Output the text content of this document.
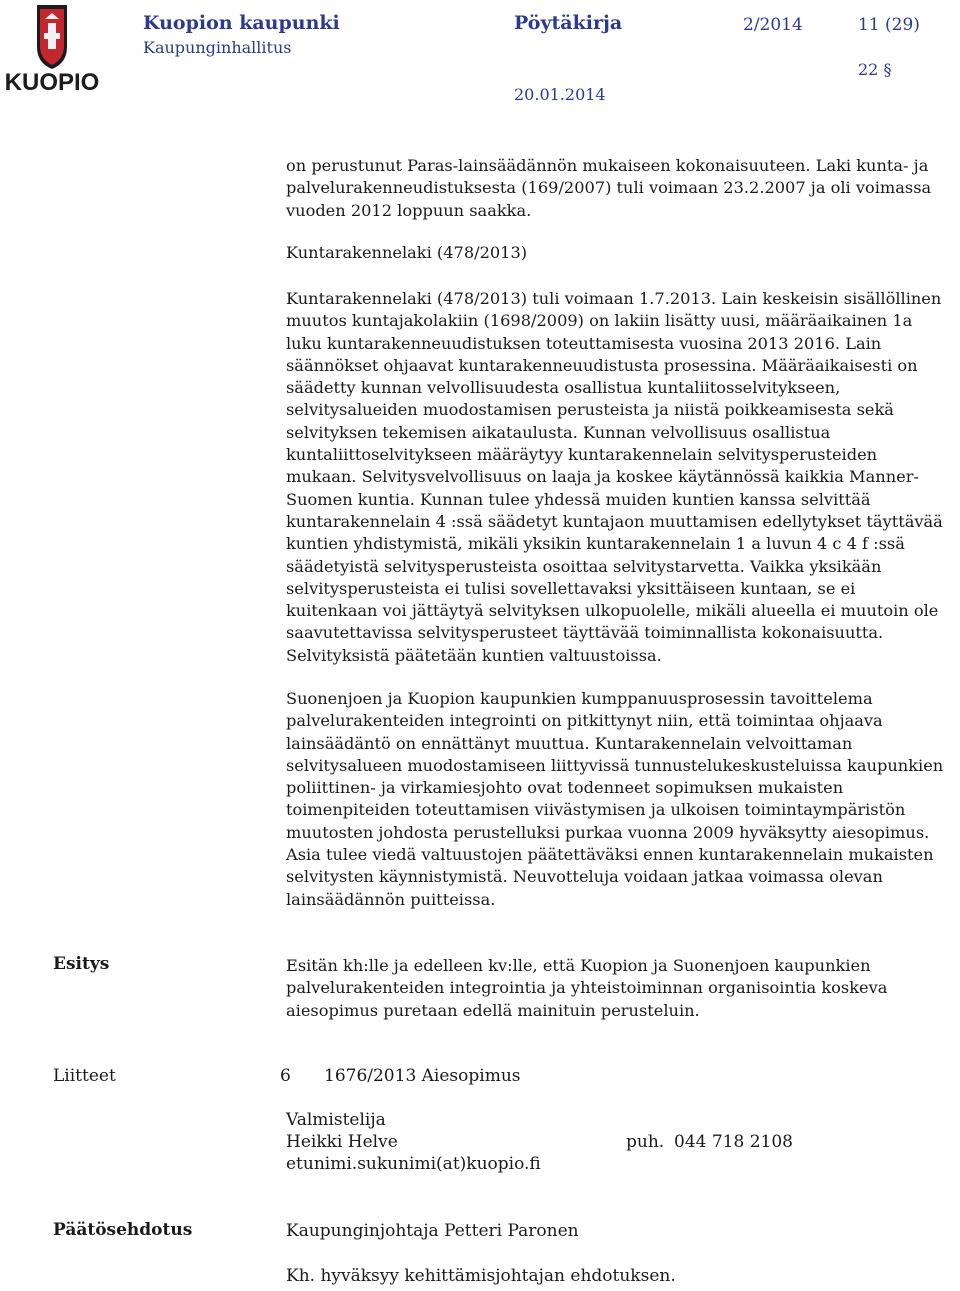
KUOPIO
Kuopion kaupunki
Kaupunginhallitus
Pöytäkirja	2/2014	11 (29)
20.01.2014
22 §
on perustunut Paras-lainsäädännön mukaiseen kokonaisuuteen. Laki kunta- ja palvelurakenneudistuksesta (169/2007) tuli voimaan 23.2.2007 ja oli voimassa vuoden 2012 loppuun saakka.
Kuntarakennelaki (478/2013)
Kuntarakennelaki (478/2013) tuli voimaan 1.7.2013. Lain keskeisin sisällöllinen muutos kuntajakolakiin (1698/2009) on lakiin lisätty uusi, määräaikainen 1a luku kuntarakenneuudistuksen toteuttamisesta vuosina 2013 2016. Lain säännökset ohjaavat kuntarakenneuudistusta prosessina. Määräaikaisesti on säädetty kunnan velvollisuudesta osallistua kuntaliitosselvitykseen, selvitysalueiden muodostamisen perusteista ja niistä poikkeamisesta sekä selvityksen tekemisen aikataulusta. Kunnan velvollisuus osallistua kuntaliittoselvitykseen määräytyy kuntarakennelain selvitysperusteiden mukaan. Selvitysvelvollisuus on laaja ja koskee käytännössä kaikkia Manner-Suomen kuntia. Kunnan tulee yhdessä muiden kuntien kanssa selvittää kuntarakennelain 4 :ssä säädetyt kuntajaon muuttamisen edellytykset täyttävää kuntien yhdistymistä, mikäli yksikin kuntarakennelain 1 a luvun 4 c 4 f :ssä säädetyistä selvitysperusteista osoittaa selvitystarvetta. Vaikka yksikään selvitysperusteista ei tulisi sovellettavaksi yksittäiseen kuntaan, se ei kuitenkaan voi jättäytyä selvityksen ulkopuolelle, mikäli alueella ei muutoin ole saavutettavissa selvitysperusteet täyttävää toiminnallista kokonaisuutta. Selvityksistä päätetään kuntien valtuustoissa.
Suonenjoen ja Kuopion kaupunkien kumppanuusprosessin tavoittelema palvelurakenteiden integrointi on pitkittynyt niin, että toimintaa ohjaava lainsäädäntö on ennättänyt muuttua. Kuntarakennelain velvoittaman selvitysalueen muodostamiseen liittyvissä tunnustelukeskusteluissa kaupunkien poliittinen- ja virkamiesjohto ovat todenneet sopimuksen mukaisten toimenpiteiden toteuttamisen viivästymisen ja ulkoisen toimintaympäristön muutosten johdosta perustelluksi purkaa vuonna 2009 hyväksytty aiesopimus. Asia tulee viedä valtuustojen päätettäväksi ennen kuntarakennelain mukaisten selvitysten käynnistymistä. Neuvotteluja voidaan jatkaa voimassa olevan lainsäädännön puitteissa.
Esitys	Esitän kh:lle ja edelleen kv:lle, että Kuopion ja Suonenjoen kaupunkien palvelurakenteiden integrointia ja yhteistoiminnan organisointia koskeva aiesopimus puretaan edellä mainituin perusteluin.
Liitteet	6 1676/2013 Aiesopimus
Valmistelija
Heikki Helve	puh. 044 718 2108
etunimi.sukunimi(at)kuopio.fi
Päätösehdotus	Kaupunginjohtaja Petteri Paronen
Kh. hyväksyy kehittämisjohtajan ehdotuksen.
